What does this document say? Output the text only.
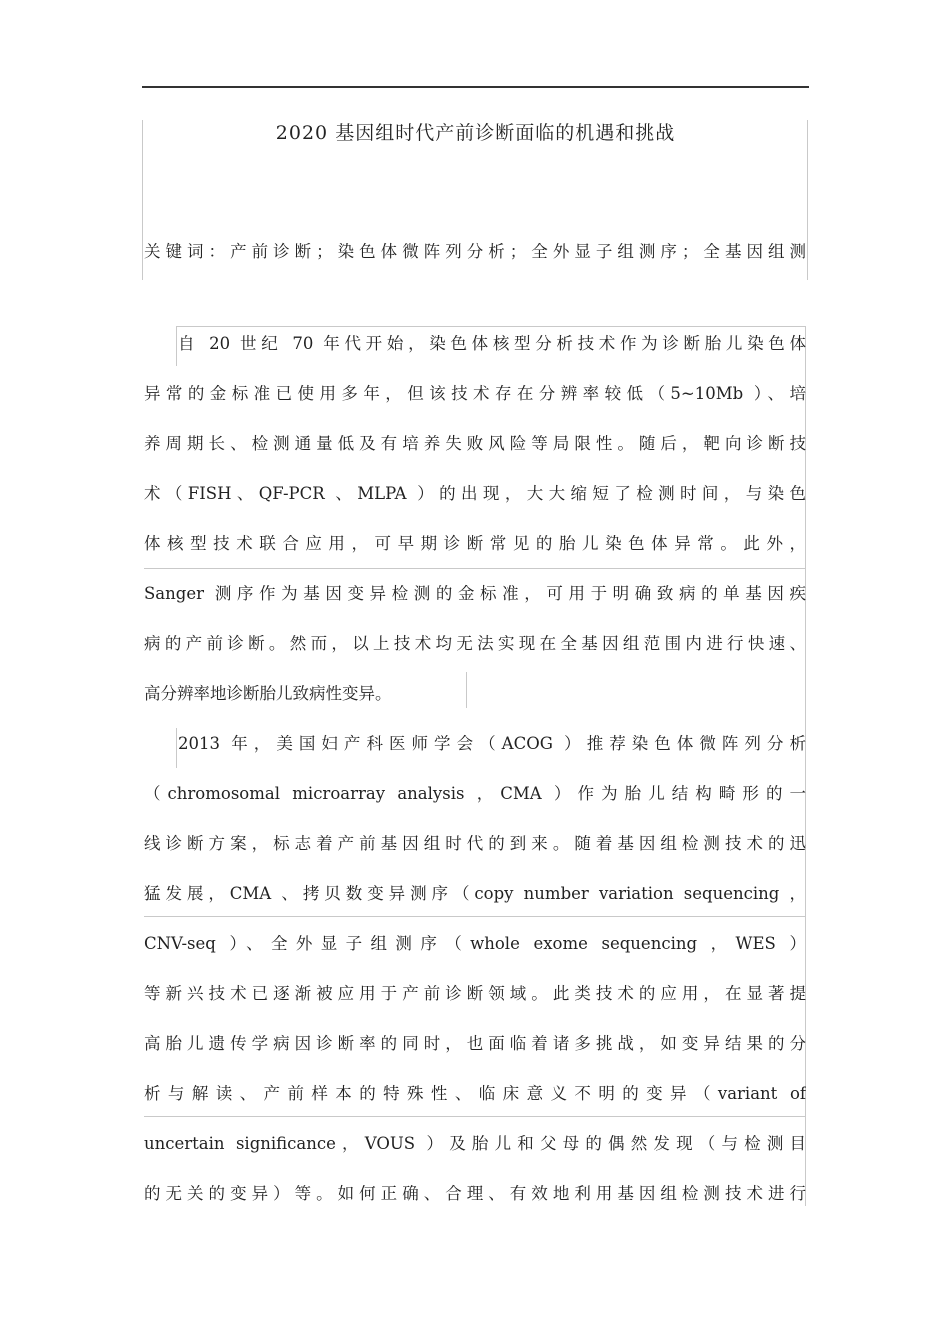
2020 基因组时代产前诊断面临的机遇和挑战
关键词：产前诊断；染色体微阵列分析；全外显子组测序；全基因组测
自 20 世纪 70 年代开始，染色体核型分析技术作为诊断胎儿染色体
异常的金标准已使用多年，但该技术存在分辨率较低（5~10Mb ）、培
养周期长、检测通量低及有培养失败风险等局限性。随后，靶向诊断技
术（FISH、QF-PCR 、MLPA ）的出现，大大缩短了检测时间，与染色
体核型技术联合应用，可早期诊断常见的胎儿染色体异常。此外，
Sanger 测序作为基因变异检测的金标准，可用于明确致病的单基因疾
病的产前诊断。然而，以上技术均无法实现在全基因组范围内进行快速、
高分辨率地诊断胎儿致病性变异。
2013 年，美国妇产科医师学会（ACOG ）推荐染色体微阵列分析
（chromosomal microarray analysis ，CMA ）作为胎儿结构畸形的一
线诊断方案，标志着产前基因组时代的到来。随着基因组检测技术的迅
猛发展，CMA 、拷贝数变异测序（copy number variation sequencing ，
CNV-seq ）、全外显子组测序（whole exome sequencing ，WES ）
等新兴技术已逐渐被应用于产前诊断领域。此类技术的应用，在显著提
高胎儿遗传学病因诊断率的同时，也面临着诸多挑战，如变异结果的分
析与解读、产前样本的特殊性、临床意义不明的变异（variant of
uncertain significance，VOUS ）及胎儿和父母的偶然发现（与检测目
的无关的变异）等。如何正确、合理、有效地利用基因组检测技术进行
